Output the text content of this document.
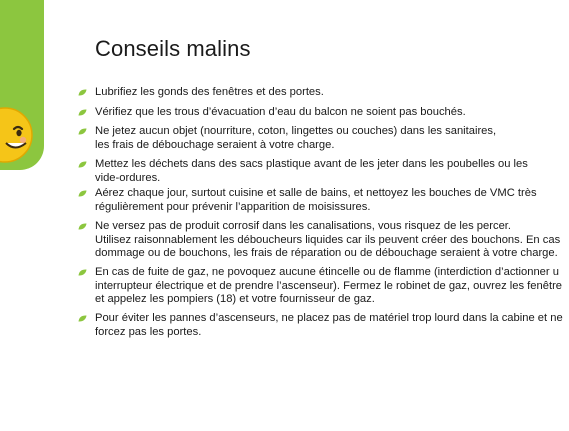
Conseils malins
Lubrifiez les gonds des fenêtres et des portes.
Vérifiez que les trous d’évacuation d’eau du balcon ne soient pas bouchés.
Ne jetez aucun objet (nourriture, coton, lingettes ou couches) dans les sanitaires,
les frais de débouchage seraient à votre charge.
Mettez les déchets dans des sacs plastique avant de les jeter dans les poubelles ou les
vide-ordures.
Aérez chaque jour, surtout cuisine et salle de bains, et nettoyez les bouches de VMC très
régulièrement pour prévenir l’apparition de moisissures.
Ne versez pas de produit corrosif dans les canalisations, vous risquez de les percer.
Utilisez raisonnablement les déboucheurs liquides car ils peuvent créer des bouchons. En cas
dommage ou de bouchons, les frais de réparation ou de débouchage seraient à votre charge.
En cas de fuite de gaz, ne povoquez aucune étincelle ou de flamme (interdiction d’actionner u
interrupteur électrique et de prendre l’ascenseur). Fermez le robinet de gaz, ouvrez les fenêtre
et appelez les pompiers (18) et votre fournisseur de gaz.
Pour éviter les pannes d’ascenseurs, ne placez pas de matériel trop lourd dans la cabine et ne
forcez pas les portes.
